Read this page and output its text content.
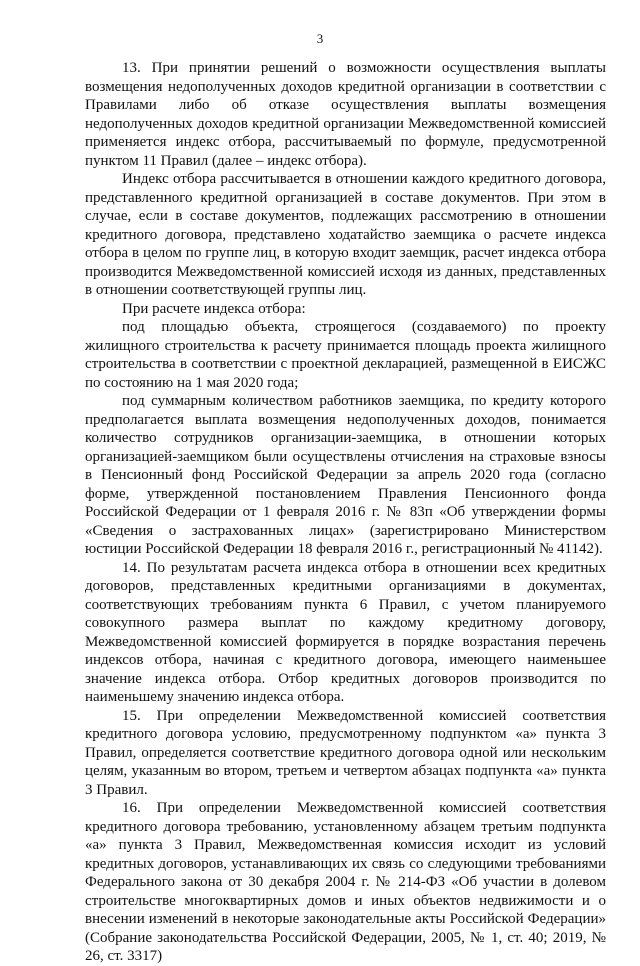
3

13. При принятии решений о возможности осуществления выплаты возмещения недополученных доходов кредитной организации в соответствии с Правилами либо об отказе осуществления выплаты возмещения недополученных доходов кредитной организации Межведомственной комиссией применяется индекс отбора, рассчитываемый по формуле, предусмотренной пунктом 11 Правил (далее – индекс отбора).

Индекс отбора рассчитывается в отношении каждого кредитного договора, представленного кредитной организацией в составе документов. При этом в случае, если в составе документов, подлежащих рассмотрению в отношении кредитного договора, представлено ходатайство заемщика о расчете индекса отбора в целом по группе лиц, в которую входит заемщик, расчет индекса отбора производится Межведомственной комиссией исходя из данных, представленных в отношении соответствующей группы лиц.

При расчете индекса отбора:

под площадью объекта, строящегося (создаваемого) по проекту жилищного строительства к расчету принимается площадь проекта жилищного строительства в соответствии с проектной декларацией, размещенной в ЕИСЖС по состоянию на 1 мая 2020 года;

под суммарным количеством работников заемщика, по кредиту которого предполагается выплата возмещения недополученных доходов, понимается количество сотрудников организации-заемщика, в отношении которых организацией-заемщиком были осуществлены отчисления на страховые взносы в Пенсионный фонд Российской Федерации за апрель 2020 года (согласно форме, утвержденной постановлением Правления Пенсионного фонда Российской Федерации от 1 февраля 2016 г. № 83п «Об утверждении формы «Сведения о застрахованных лицах» (зарегистрировано Министерством юстиции Российской Федерации 18 февраля 2016 г., регистрационный № 41142).

14. По результатам расчета индекса отбора в отношении всех кредитных договоров, представленных кредитными организациями в документах, соответствующих требованиям пункта 6 Правил, с учетом планируемого совокупного размера выплат по каждому кредитному договору, Межведомственной комиссией формируется в порядке возрастания перечень индексов отбора, начиная с кредитного договора, имеющего наименьшее значение индекса отбора. Отбор кредитных договоров производится по наименьшему значению индекса отбора.

15. При определении Межведомственной комиссией соответствия кредитного договора условию, предусмотренному подпунктом «а» пункта 3 Правил, определяется соответствие кредитного договора одной или нескольким целям, указанным во втором, третьем и четвертом абзацах подпункта «а» пункта 3 Правил.

16. При определении Межведомственной комиссией соответствия кредитного договора требованию, установленному абзацем третьим подпункта «а» пункта 3 Правил, Межведомственная комиссия исходит из условий кредитных договоров, устанавливающих их связь со следующими требованиями Федерального закона от 30 декабря 2004 г. № 214-ФЗ «Об участии в долевом строительстве многоквартирных домов и иных объектов недвижимости и о внесении изменений в некоторые законодательные акты Российской Федерации» (Собрание законодательства Российской Федерации, 2005, № 1, ст. 40; 2019, № 26, ст. 3317)
